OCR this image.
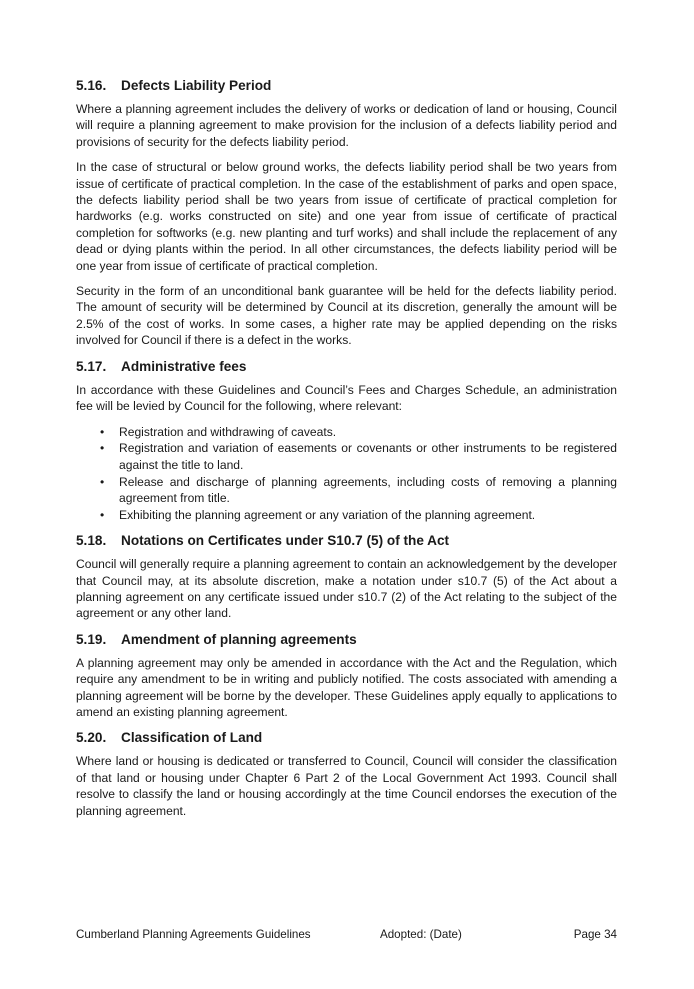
5.16.	Defects Liability Period

Where a planning agreement includes the delivery of works or dedication of land or housing, Council will require a planning agreement to make provision for the inclusion of a defects liability period and provisions of security for the defects liability period.

In the case of structural or below ground works, the defects liability period shall be two years from issue of certificate of practical completion. In the case of the establishment of parks and open space, the defects liability period shall be two years from issue of certificate of practical completion for hardworks (e.g. works constructed on site) and one year from issue of certificate of practical completion for softworks (e.g. new planting and turf works) and shall include the replacement of any dead or dying plants within the period. In all other circumstances, the defects liability period will be one year from issue of certificate of practical completion.

Security in the form of an unconditional bank guarantee will be held for the defects liability period. The amount of security will be determined by Council at its discretion, generally the amount will be 2.5% of the cost of works. In some cases, a higher rate may be applied depending on the risks involved for Council if there is a defect in the works.

5.17.	Administrative fees

In accordance with these Guidelines and Council’s Fees and Charges Schedule, an administration fee will be levied by Council for the following, where relevant:

• Registration and withdrawing of caveats.
• Registration and variation of easements or covenants or other instruments to be registered against the title to land.
• Release and discharge of planning agreements, including costs of removing a planning agreement from title.
• Exhibiting the planning agreement or any variation of the planning agreement.
5.18.	Notations on Certificates under S10.7 (5) of the Act

Council will generally require a planning agreement to contain an acknowledgement by the developer that Council may, at its absolute discretion, make a notation under s10.7 (5) of the Act about a planning agreement on any certificate issued under s10.7 (2) of the Act relating to the subject of the agreement or any other land.

5.19.	Amendment of planning agreements

A planning agreement may only be amended in accordance with the Act and the Regulation, which require any amendment to be in writing and publicly notified. The costs associated with amending a planning agreement will be borne by the developer. These Guidelines apply equally to applications to amend an existing planning agreement.

5.20.	Classification of Land

Where land or housing is dedicated or transferred to Council, Council will consider the classification of that land or housing under Chapter 6 Part 2 of the Local Government Act 1993. Council shall resolve to classify the land or housing accordingly at the time Council endorses the execution of the planning agreement.

Cumberland Planning Agreements Guidelines	Adopted: (Date)	Page 34
